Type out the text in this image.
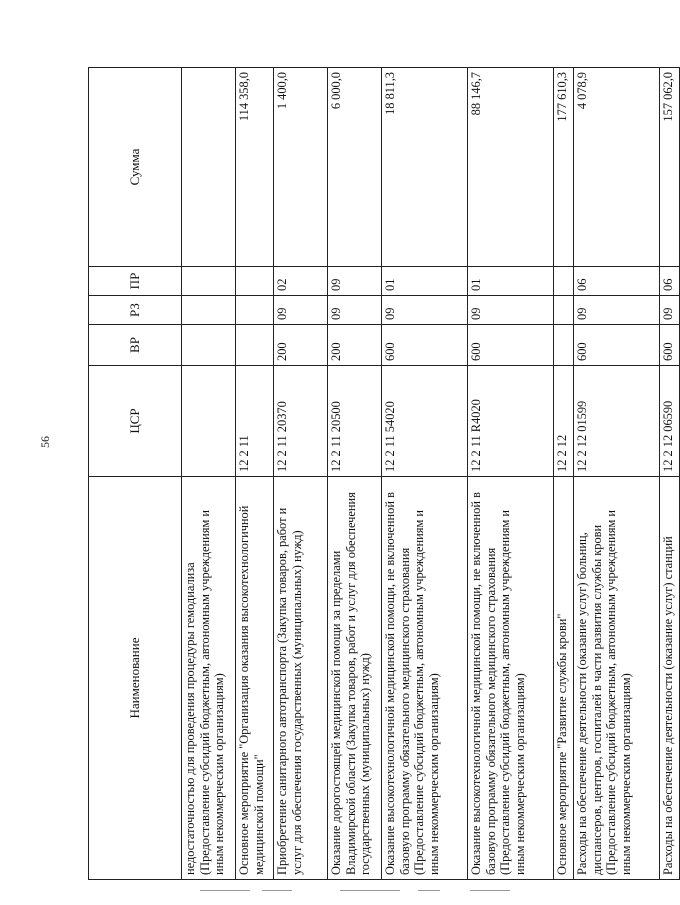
56
Наименование	ЦСР	ВР	РЗ	ПР	Сумма
недостаточностью для проведения процедуры гемодиализа (Предоставление субсидий бюджетным, автономным учреждениям и иным некоммерческим организациям)					
Основное мероприятие "Организация оказания высокотехнологичной медицинской помощи"	12 2 11				114 358,0
Приобретение санитарного автотранспорта (Закупка товаров, работ и услуг для обеспечения государственных (муниципальных) нужд)	12 2 11 20370	200	09	02	1 400,0
Оказание дорогостоящей медицинской помощи за пределами Владимирской области (Закупка товаров, работ и услуг для обеспечения государственных (муниципальных) нужд)	12 2 11 20500	200	09	09	6 000,0
Оказание высокотехнологичной медицинской помощи, не включенной в базовую программу обязательного медицинского страхования (Предоставление субсидий бюджетным, автономным учреждениям и иным некоммерческим организациям)	12 2 11 54020	600	09	01	18 811,3
Оказание высокотехнологичной медицинской помощи, не включенной в базовую программу обязательного медицинского страхования (Предоставление субсидий бюджетным, автономным учреждениям и иным некоммерческим организациям)	12 2 11 R4020	600	09	01	88 146,7
Основное мероприятие "Развитие службы крови"	12 2 12				177 610,3
Расходы на обеспечение деятельности (оказание услуг) больниц, диспансеров, центров, госпиталей в части развития службы крови (Предоставление субсидий бюджетным, автономным учреждениям и иным некоммерческим организациям)	12 2 12 01599	600	09	06	4 078,9
Расходы на обеспечение деятельности (оказание услуг) станций	12 2 12 06590	600	09	06	157 062,0
